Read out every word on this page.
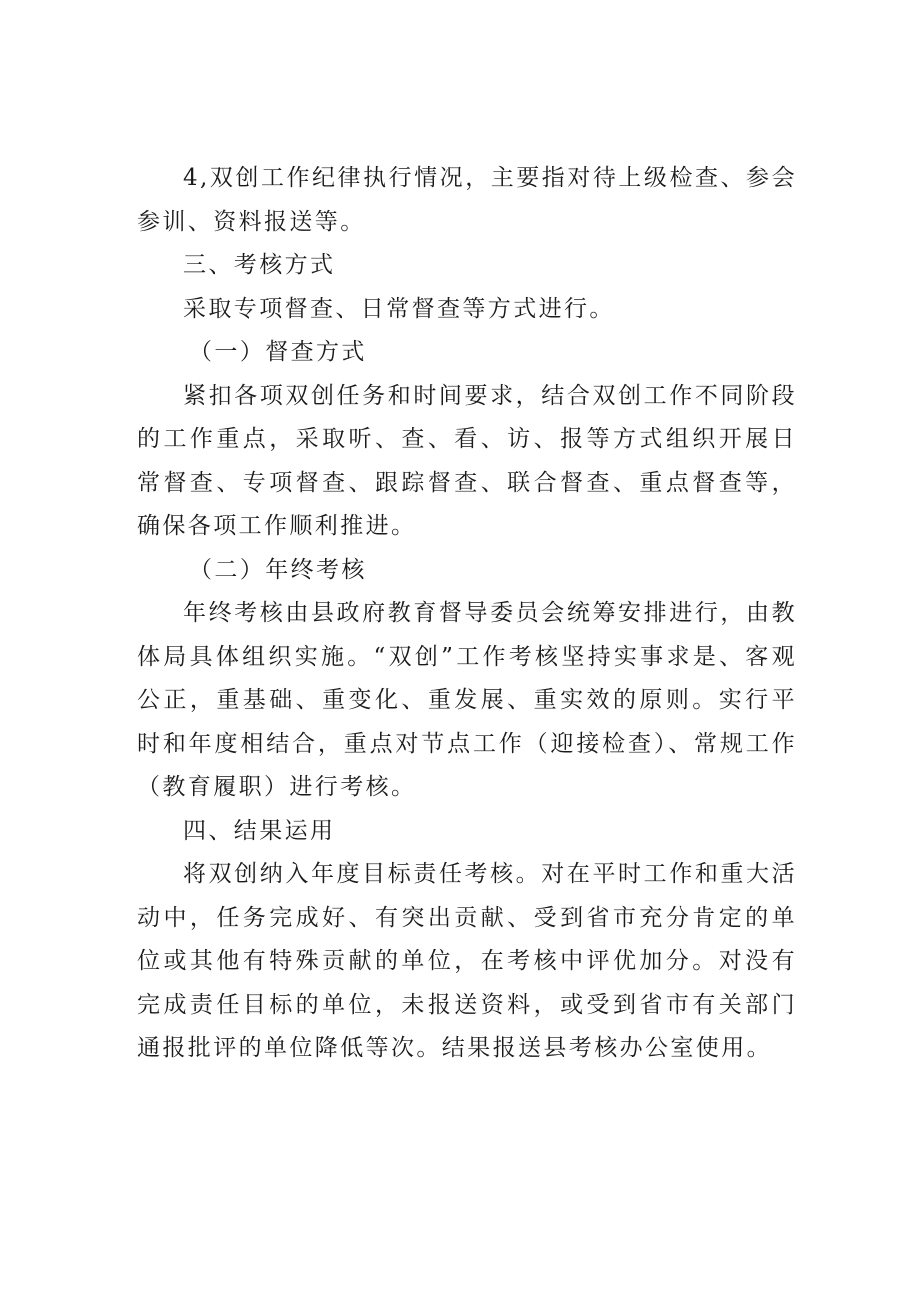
4,双创工作纪律执行情况，主要指对待上级检查、参会参训、资料报送等。

三、考核方式

采取专项督查、日常督查等方式进行。

（一）督查方式

紧扣各项双创任务和时间要求，结合双创工作不同阶段的工作重点，采取听、查、看、访、报等方式组织开展日常督查、专项督查、跟踪督查、联合督查、重点督查等，确保各项工作顺利推进。

（二）年终考核

年终考核由县政府教育督导委员会统筹安排进行，由教体局具体组织实施。“双创”工作考核坚持实事求是、客观公正，重基础、重变化、重发展、重实效的原则。实行平时和年度相结合，重点对节点工作（迎接检查）、常规工作（教育履职）进行考核。

四、结果运用

将双创纳入年度目标责任考核。对在平时工作和重大活动中，任务完成好、有突出贡献、受到省市充分肯定的单位或其他有特殊贡献的单位，在考核中评优加分。对没有完成责任目标的单位，未报送资料，或受到省市有关部门通报批评的单位降低等次。结果报送县考核办公室使用。
